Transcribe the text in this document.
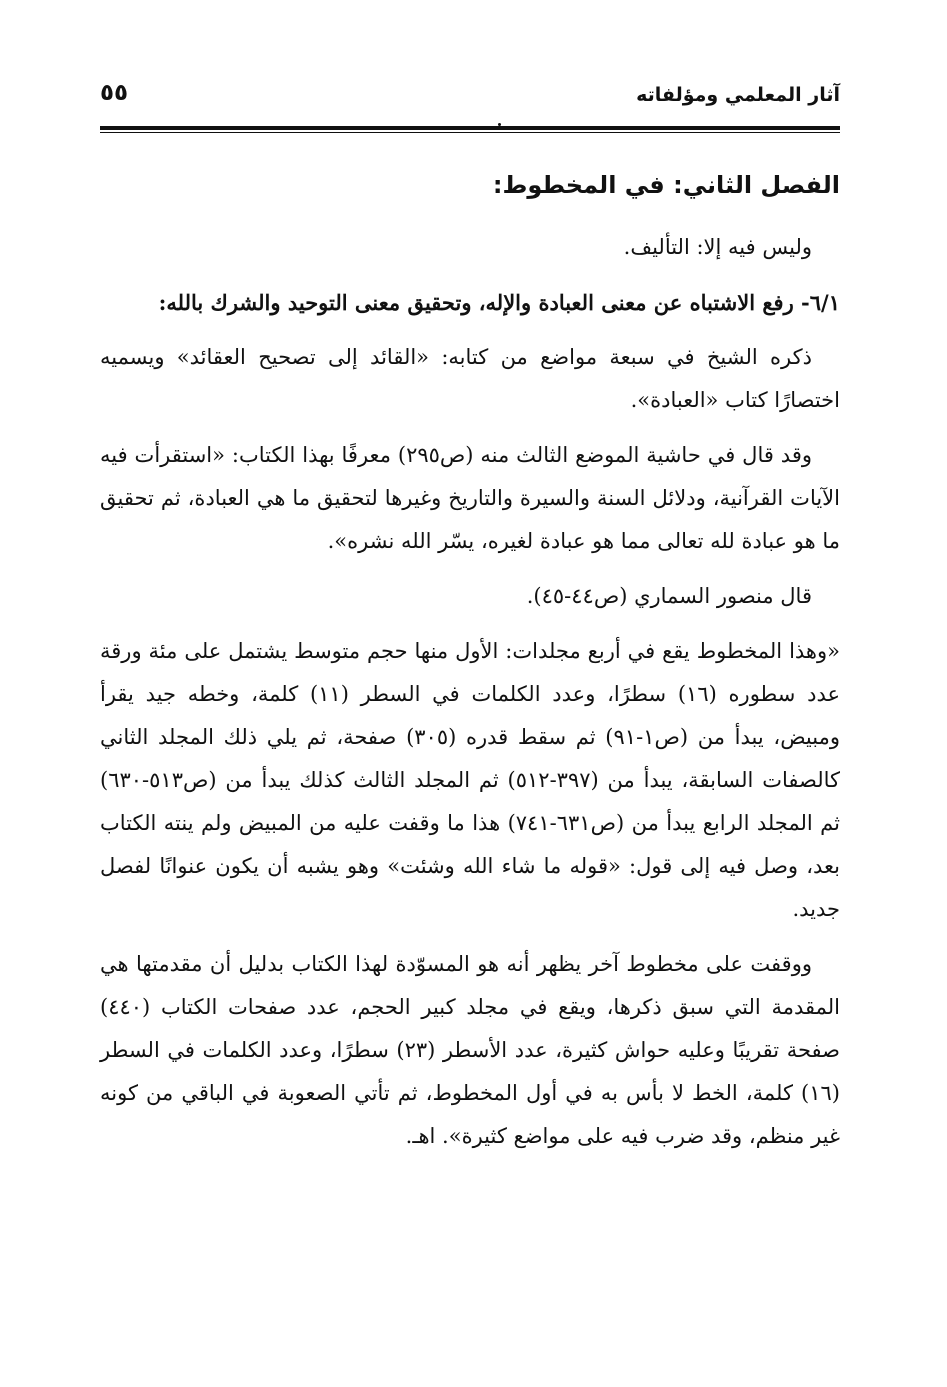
آثار المعلمي ومؤلفاته
٥٥
الفصل الثاني: في المخطوط:

وليس فيه إلا: التأليف.

٦/١- رفع الاشتباه عن معنى العبادة والإله، وتحقيق معنى التوحيد والشرك بالله:

ذكره الشيخ في سبعة مواضع من كتابه: «القائد إلى تصحيح العقائد» ويسميه اختصارًا كتاب «العبادة».

وقد قال في حاشية الموضع الثالث منه (ص٢٩٥) معرفًا بهذا الكتاب: «استقرأت فيه الآيات القرآنية، ودلائل السنة والسيرة والتاريخ وغيرها لتحقيق ما هي العبادة، ثم تحقيق ما هو عبادة لله تعالى مما هو عبادة لغيره، يسّر الله نشره».

قال منصور السماري (ص٤٤-٤٥).

«وهذا المخطوط يقع في أربع مجلدات: الأول منها حجم متوسط يشتمل على مئة ورقة عدد سطوره (١٦) سطرًا، وعدد الكلمات في السطر (١١) كلمة، وخطه جيد يقرأ ومبيض، يبدأ من (ص١-٩١) ثم سقط قدره (٣٠٥) صفحة، ثم يلي ذلك المجلد الثاني كالصفات السابقة، يبدأ من (٣٩٧-٥١٢) ثم المجلد الثالث كذلك يبدأ من (ص٥١٣-٦٣٠) ثم المجلد الرابع يبدأ من (ص٦٣١-٧٤١) هذا ما وقفت عليه من المبيض ولم ينته الكتاب بعد، وصل فيه إلى قول: «قوله ما شاء الله وشئت» وهو يشبه أن يكون عنوانًا لفصل جديد.

ووقفت على مخطوط آخر يظهر أنه هو المسوّدة لهذا الكتاب بدليل أن مقدمتها هي المقدمة التي سبق ذكرها، ويقع في مجلد كبير الحجم، عدد صفحات الكتاب (٤٤٠) صفحة تقريبًا وعليه حواش كثيرة، عدد الأسطر (٢٣) سطرًا، وعدد الكلمات في السطر (١٦) كلمة، الخط لا بأس به في أول المخطوط، ثم تأتي الصعوبة في الباقي من كونه غير منظم، وقد ضرب فيه على مواضع كثيرة». اهـ.
